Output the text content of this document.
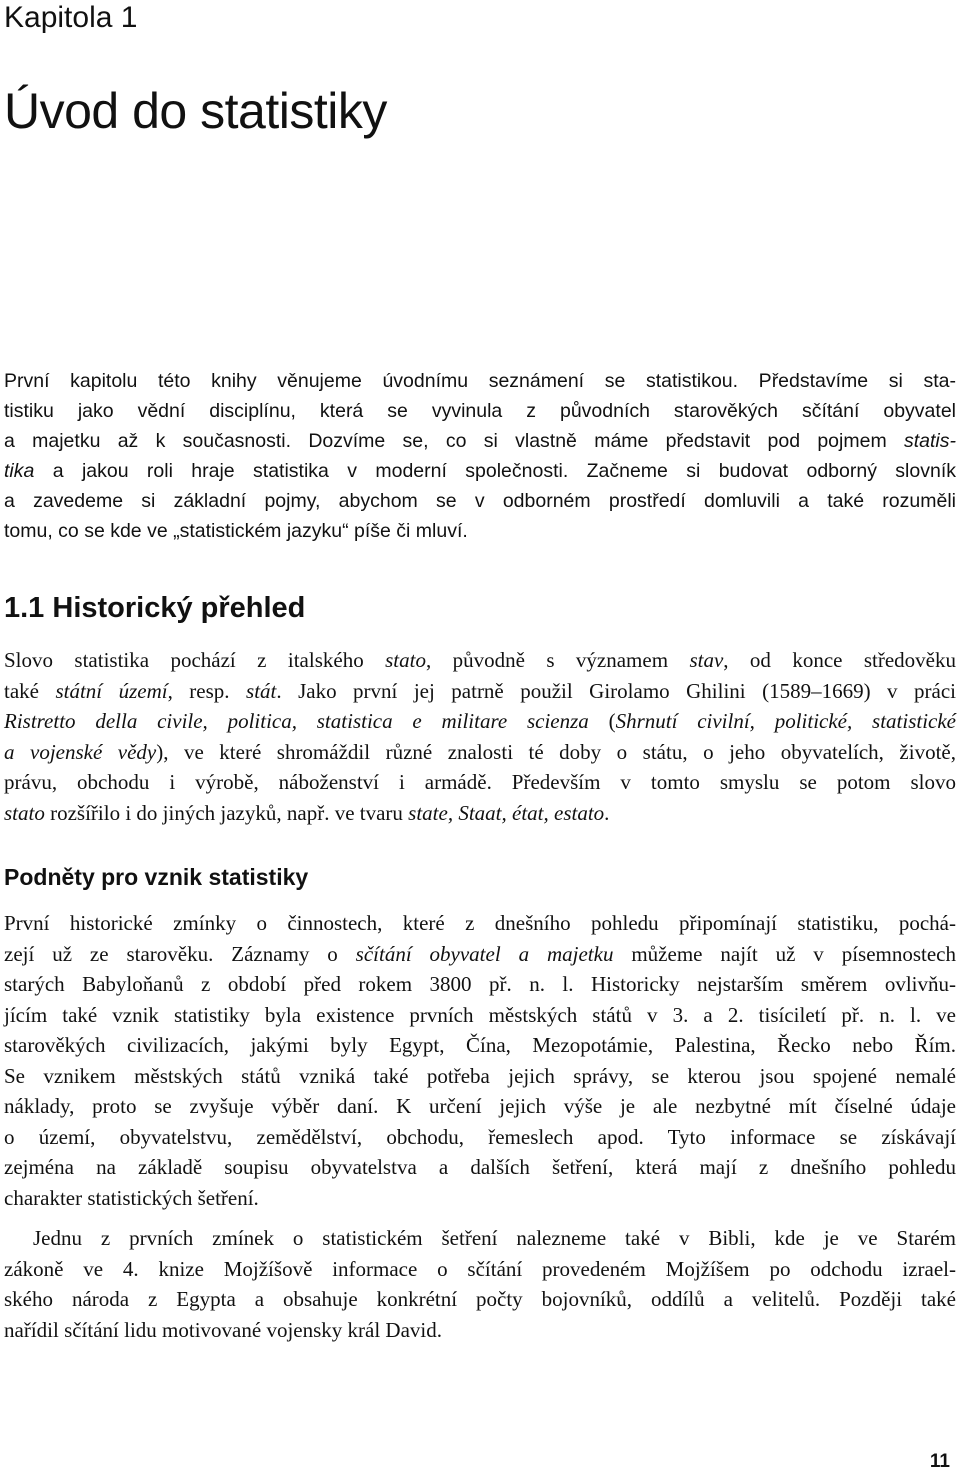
Kapitola 1
Úvod do statistiky

První kapitolu této knihy věnujeme úvodnímu seznámení se statistikou. Představíme si sta-
tistiku jako vědní disciplínu, která se vyvinula z původních starověkých sčítání obyvatel
a majetku až k současnosti. Dozvíme se, co si vlastně máme představit pod pojmem statis-
tika a jakou roli hraje statistika v moderní společnosti. Začneme si budovat odborný slovník
a zavedeme si základní pojmy, abychom se v odborném prostředí domluvili a také rozuměli
tomu, co se kde ve „statistickém jazyku“ píše či mluví.

1.1 Historický přehled

Slovo statistika pochází z italského stato, původně s významem stav, od konce středověku
také státní území, resp. stát. Jako první jej patrně použil Girolamo Ghilini (1589–1669) v práci
Ristretto della civile, politica, statistica e militare scienza (Shrnutí civilní, politické, statistické
a vojenské vědy), ve které shromáždil různé znalosti té doby o státu, o jeho obyvatelích, životě,
právu, obchodu i výrobě, náboženství i armádě. Především v tomto smyslu se potom slovo
stato rozšířilo i do jiných jazyků, např. ve tvaru state, Staat, état, estato.

Podněty pro vznik statistiky

První historické zmínky o činnostech, které z dnešního pohledu připomínají statistiku, pochá-
zejí už ze starověku. Záznamy o sčítání obyvatel a majetku můžeme najít už v písemnostech
starých Babyloňanů z období před rokem 3800 př. n. l. Historicky nejstarším směrem ovlivňu-
jícím také vznik statistiky byla existence prvních městských států v 3. a 2. tisíciletí př. n. l. ve
starověkých civilizacích, jakými byly Egypt, Čína, Mezopotámie, Palestina, Řecko nebo Řím.
Se vznikem městských států vzniká také potřeba jejich správy, se kterou jsou spojené nemalé
náklady, proto se zvyšuje výběr daní. K určení jejich výše je ale nezbytné mít číselné údaje
o území, obyvatelstvu, zemědělství, obchodu, řemeslech apod. Tyto informace se získávají
zejména na základě soupisu obyvatelstva a dalších šetření, která mají z dnešního pohledu
charakter statistických šetření.

Jednu z prvních zmínek o statistickém šetření nalezneme také v Bibli, kde je ve Starém
zákoně ve 4. knize Mojžíšově informace o sčítání provedeném Mojžíšem po odchodu izrael-
ského národa z Egypta a obsahuje konkrétní počty bojovníků, oddílů a velitelů. Později také
nařídil sčítání lidu motivované vojensky král David.

11
